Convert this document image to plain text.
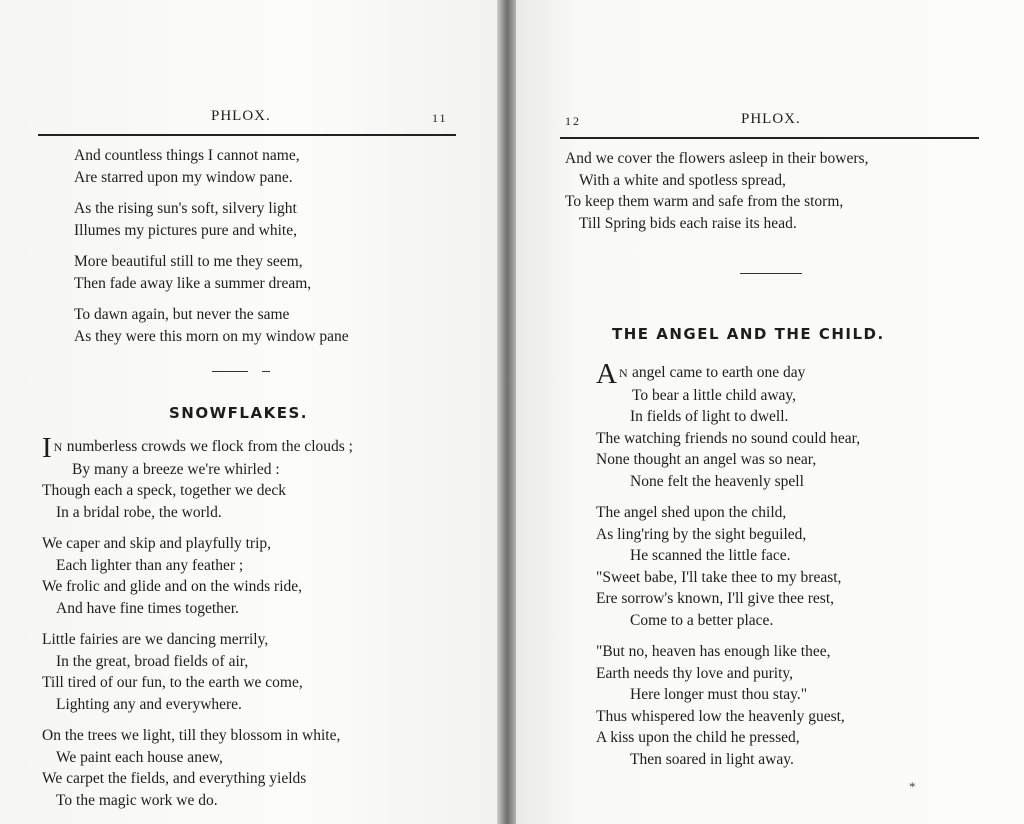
PHLOX.	11
And countless things I cannot name,
Are starred upon my window pane.
As the rising sun's soft, silvery light
Illumes my pictures pure and white,
More beautiful still to me they seem,
Then fade away like a summer dream,
To dawn again, but never the same
As they were this morn on my window pane
SNOWFLAKES.
I N numberless crowds we flock from the clouds ;
By many a breeze we're whirled :
Though each a speck, together we deck
In a bridal robe, the world.
We caper and skip and playfully trip,
Each lighter than any feather ;
We frolic and glide and on the winds ride,
And have fine times together.
Little fairies are we dancing merrily,
In the great, broad fields of air,
Till tired of our fun, to the earth we come,
Lighting any and everywhere.
On the trees we light, till they blossom in white,
We paint each house anew,
We carpet the fields, and everything yields
To the magic work we do.
12	PHLOX.
And we cover the flowers asleep in their bowers,
With a white and spotless spread,
To keep them warm and safe from the storm,
Till Spring bids each raise its head.
THE ANGEL AND THE CHILD.
A N angel came to earth one day
To bear a little child away,
In fields of light to dwell.
The watching friends no sound could hear,
None thought an angel was so near,
None felt the heavenly spell
The angel shed upon the child,
As ling'ring by the sight beguiled,
He scanned the little face.
"Sweet babe, I'll take thee to my breast,
Ere sorrow's known, I'll give thee rest,
Come to a better place.
"But no, heaven has enough like thee,
Earth needs thy love and purity,
Here longer must thou stay."
Thus whispered low the heavenly guest,
A kiss upon the child he pressed,
Then soared in light away.
*
